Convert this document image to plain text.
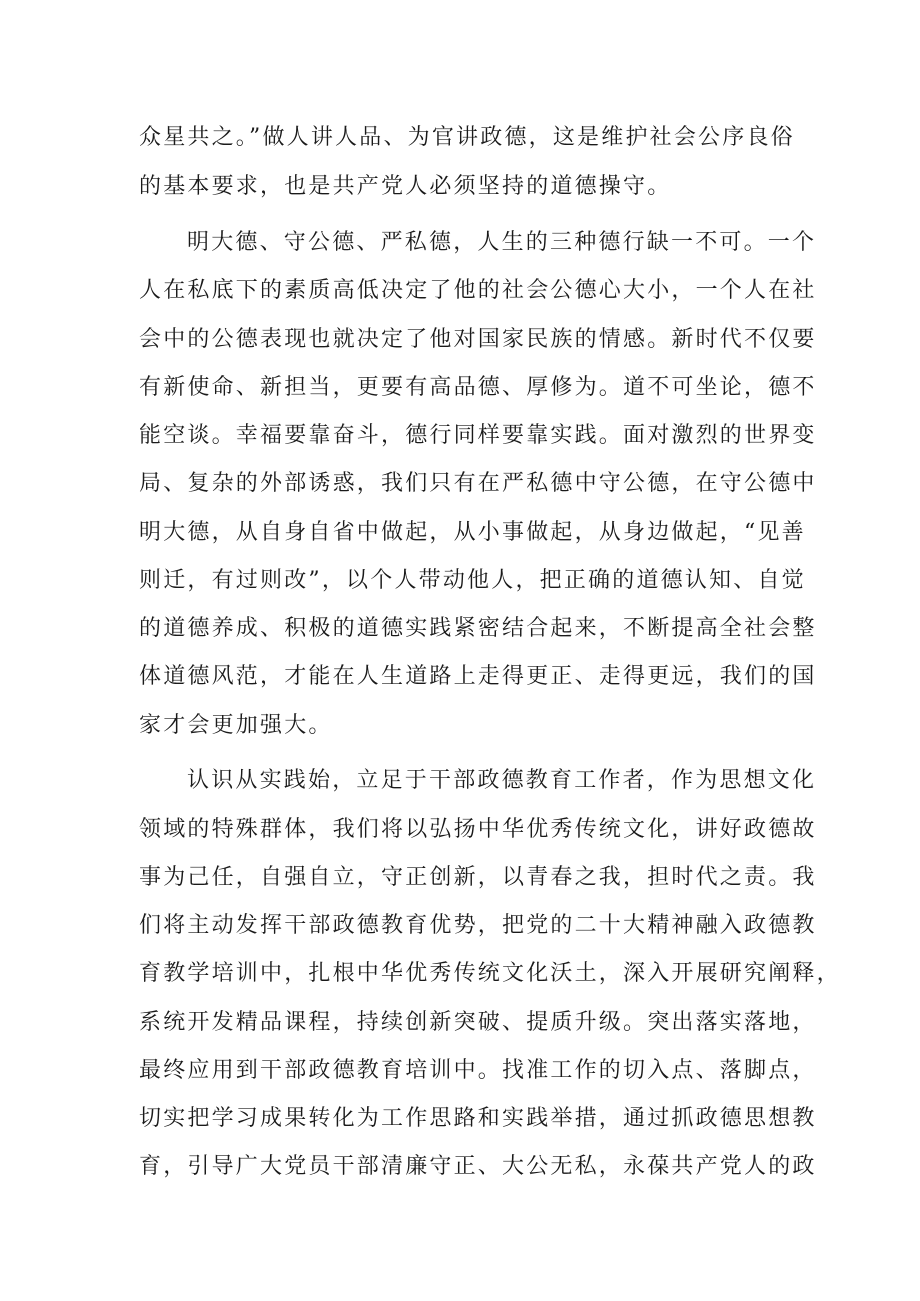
众星共之。”做人讲人品、为官讲政德，这是维护社会公序良俗
的基本要求，也是共产党人必须坚持的道德操守。
明大德、守公德、严私德，人生的三种德行缺一不可。一个
人在私底下的素质高低决定了他的社会公德心大小，一个人在社
会中的公德表现也就决定了他对国家民族的情感。新时代不仅要
有新使命、新担当，更要有高品德、厚修为。道不可坐论，德不
能空谈。幸福要靠奋斗，德行同样要靠实践。面对激烈的世界变
局、复杂的外部诱惑，我们只有在严私德中守公德，在守公德中
明大德，从自身自省中做起，从小事做起，从身边做起，“见善
则迁，有过则改”，以个人带动他人，把正确的道德认知、自觉
的道德养成、积极的道德实践紧密结合起来，不断提高全社会整
体道德风范，才能在人生道路上走得更正、走得更远，我们的国
家才会更加强大。
认识从实践始，立足于干部政德教育工作者，作为思想文化
领域的特殊群体，我们将以弘扬中华优秀传统文化，讲好政德故
事为己任，自强自立，守正创新，以青春之我，担时代之责。我
们将主动发挥干部政德教育优势，把党的二十大精神融入政德教
育教学培训中，扎根中华优秀传统文化沃土，深入开展研究阐释，
系统开发精品课程，持续创新突破、提质升级。突出落实落地，
最终应用到干部政德教育培训中。找准工作的切入点、落脚点，
切实把学习成果转化为工作思路和实践举措，通过抓政德思想教
育，引导广大党员干部清廉守正、大公无私，永葆共产党人的政
